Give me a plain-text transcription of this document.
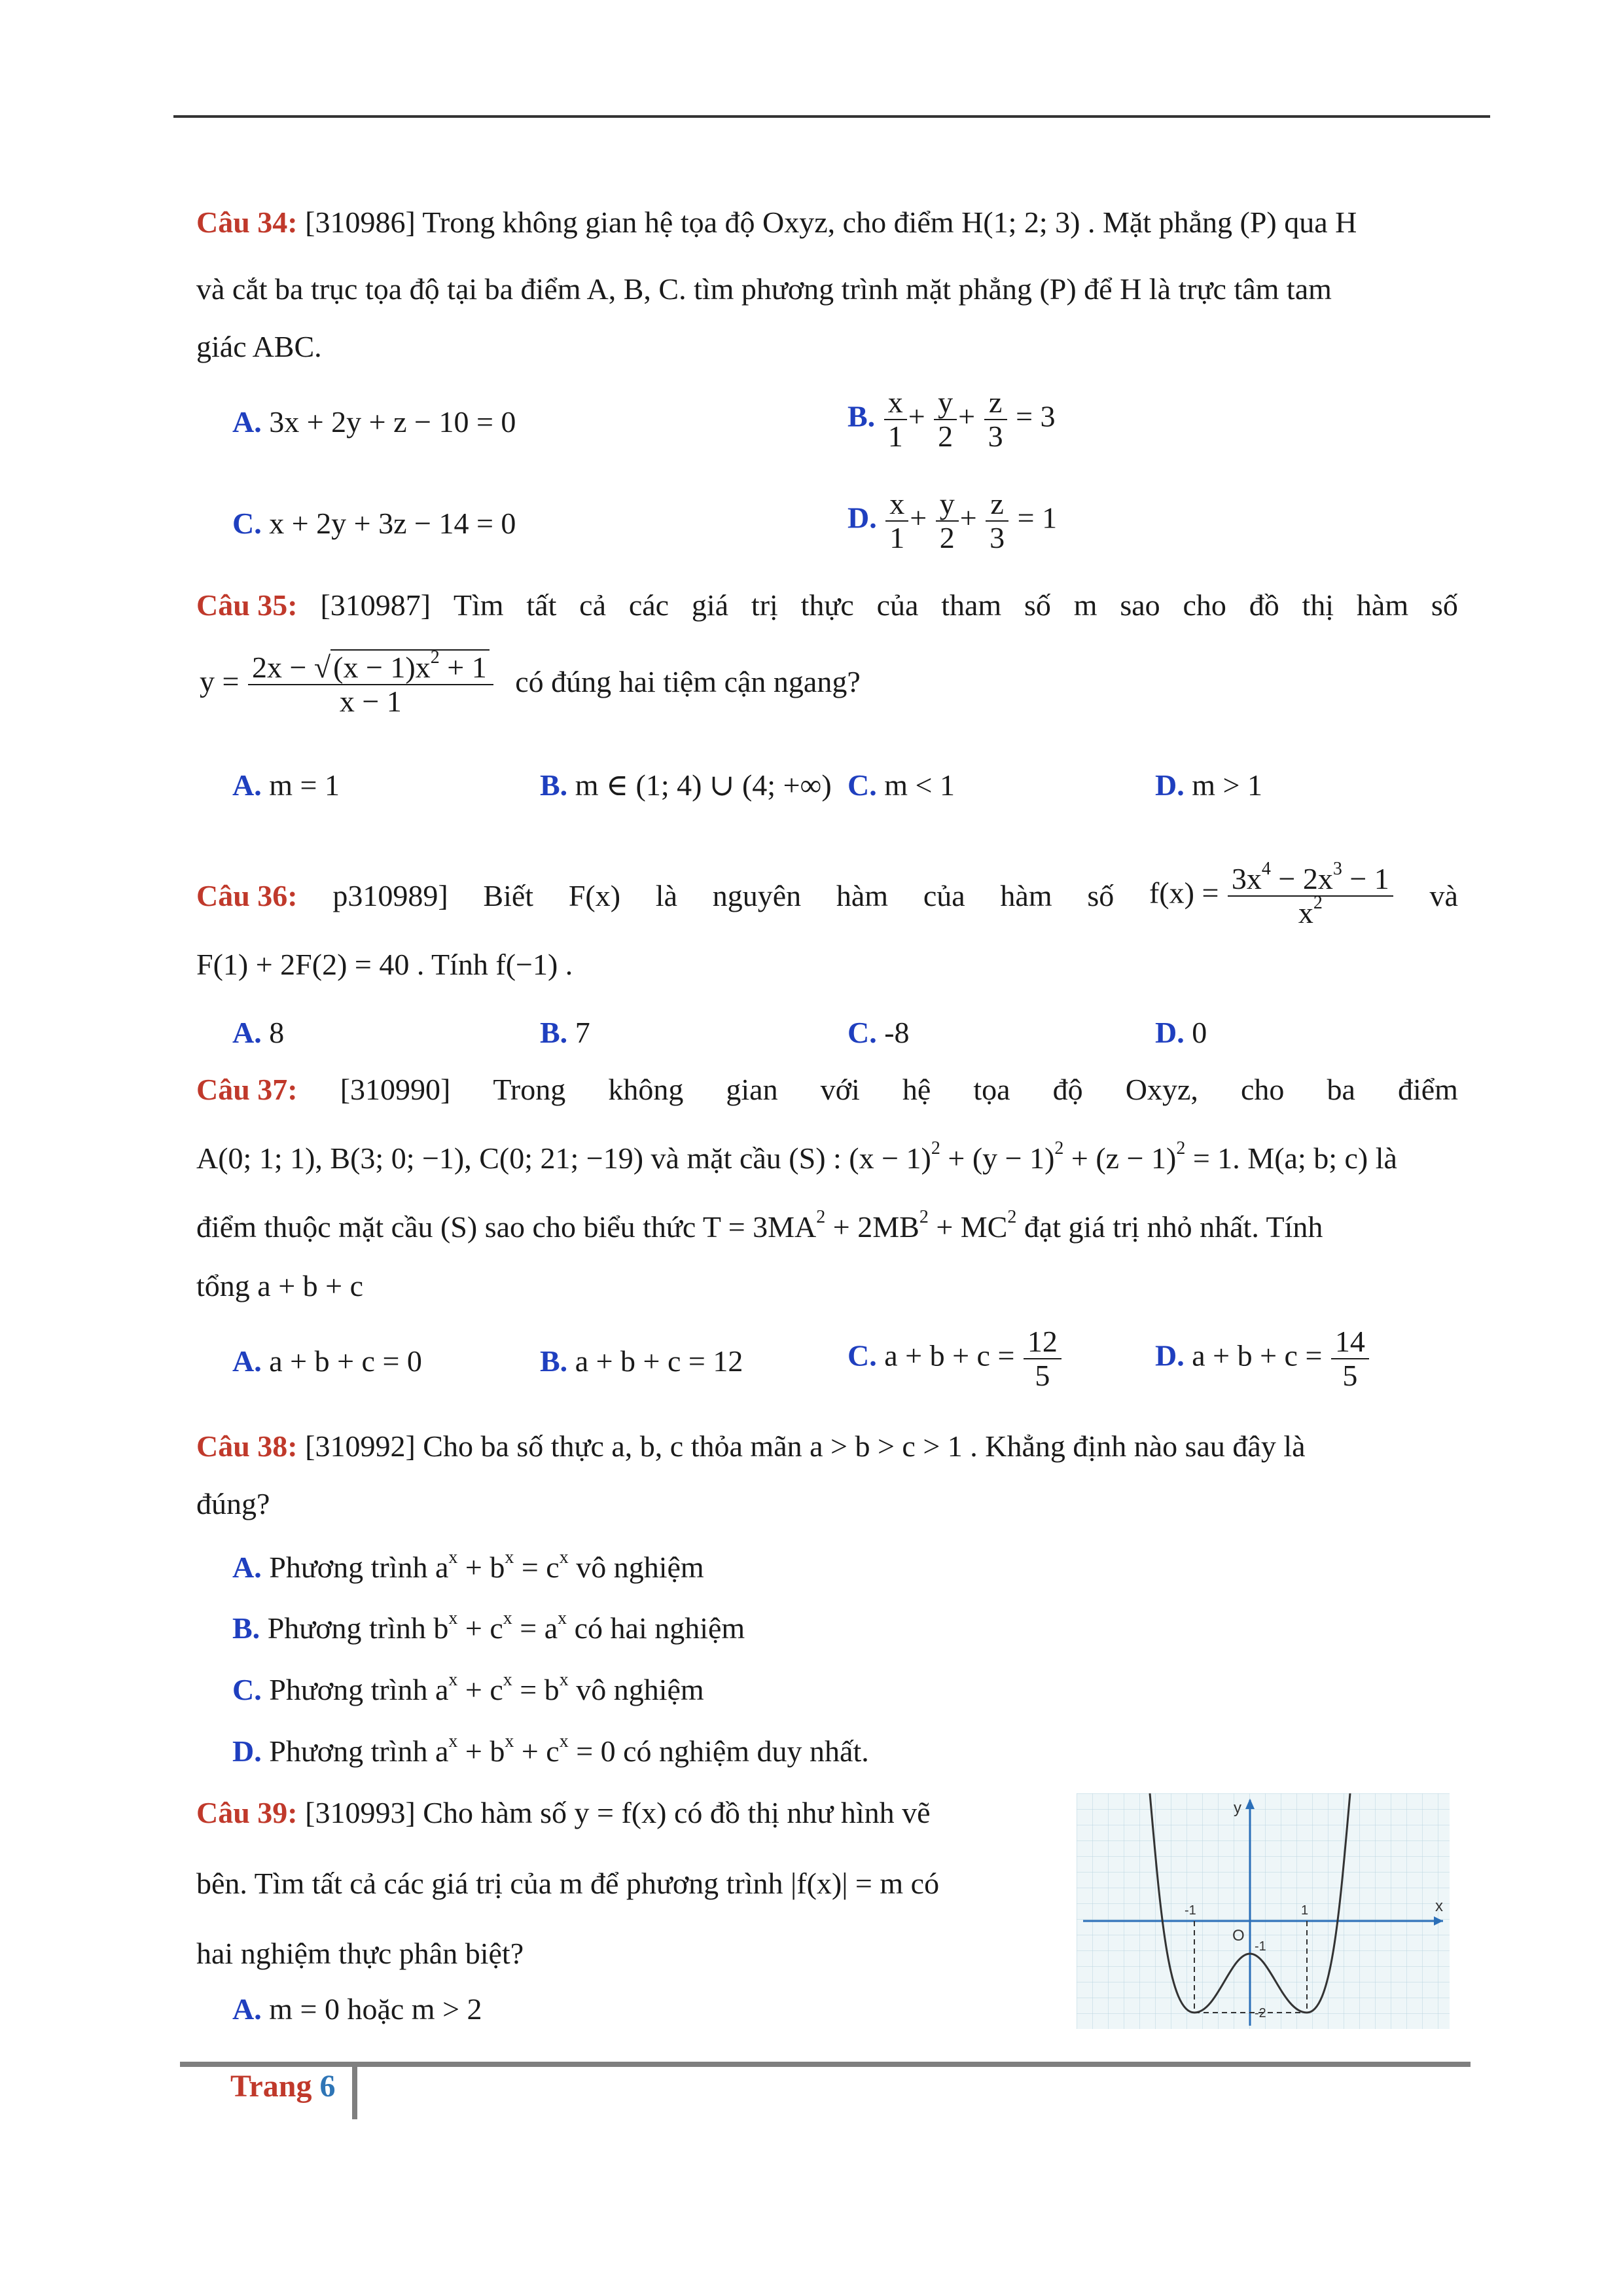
Câu 34: [310986] Trong không gian hệ tọa độ Oxyz, cho điểm H(1; 2; 3) . Mặt phẳng (P) qua H
và cắt ba trục tọa độ tại ba điểm A, B, C. tìm phương trình mặt phẳng (P) để H là trực tâm tam
giác ABC.
A. 3x + 2y + z − 10 = 0	B. $\frac{x}{1} + \frac{y}{2} + \frac{z}{3} = 3$
C. x + 2y + 3z − 14 = 0	D. $\frac{x}{1} + \frac{y}{2} + \frac{z}{3} = 1$
Câu 35: [310987] Tìm tất cả các giá trị thực của tham số m sao cho đồ thị hàm số
$y = \frac{2x - √(x - 1)x^2 + 1}{x - 1}$ có đúng hai tiệm cận ngang?
A. m = 1	B. m ∈ (1; 4) ∪ (4; +∞) C. m < 1	D. m > 1
Câu 36: p310989] Biết F(x) là nguyên hàm của hàm số $f(x) = \frac{3x^4 - 2x^3 - 1}{x^2}$ và
F(1) + 2F(2) = 40 . Tính f(−1) .
A. 8	B. 7	C. -8	D. 0
Câu 37: [310990] Trong không gian với hệ tọa độ Oxyz, cho ba điểm
A(0; 1; 1), B(3; 0; −1), C(0; 21; −19) và mặt cầu (S) : $(x - 1)^2 + (y - 1)^2 + (z - 1)^2 = 1$. M(a; b; c) là
điểm thuộc mặt cầu (S) sao cho biểu thức $T = 3MA^2 + 2MB^2 + MC^2$ đạt giá trị nhỏ nhất. Tính
tổng a + b + c
A. a + b + c = 0	B. a + b + c = 12	C. $a + b + c = \frac{12}{5}$	D. $a + b + c = \frac{14}{5}$
Câu 38: [310992] Cho ba số thực a, b, c thỏa mãn a > b > c > 1 . Khẳng định nào sau đây là
đúng?
A. Phương trình $a^x + b^x = c^x$ vô nghiệm
B. Phương trình $b^x + c^x = a^x$ có hai nghiệm
C. Phương trình $a^x + c^x = b^x$ vô nghiệm
D. Phương trình $a^x + b^x + c^x = 0$ có nghiệm duy nhất.
Câu 39: [310993] Cho hàm số y = f(x) có đồ thị như hình vẽ
bên. Tìm tất cả các giá trị của m để phương trình |f(x)| = m có
hai nghiệm thực phân biệt?
A. m = 0 hoặc m > 2
y
x
O
1
-1
-1
-2
Trang 6
